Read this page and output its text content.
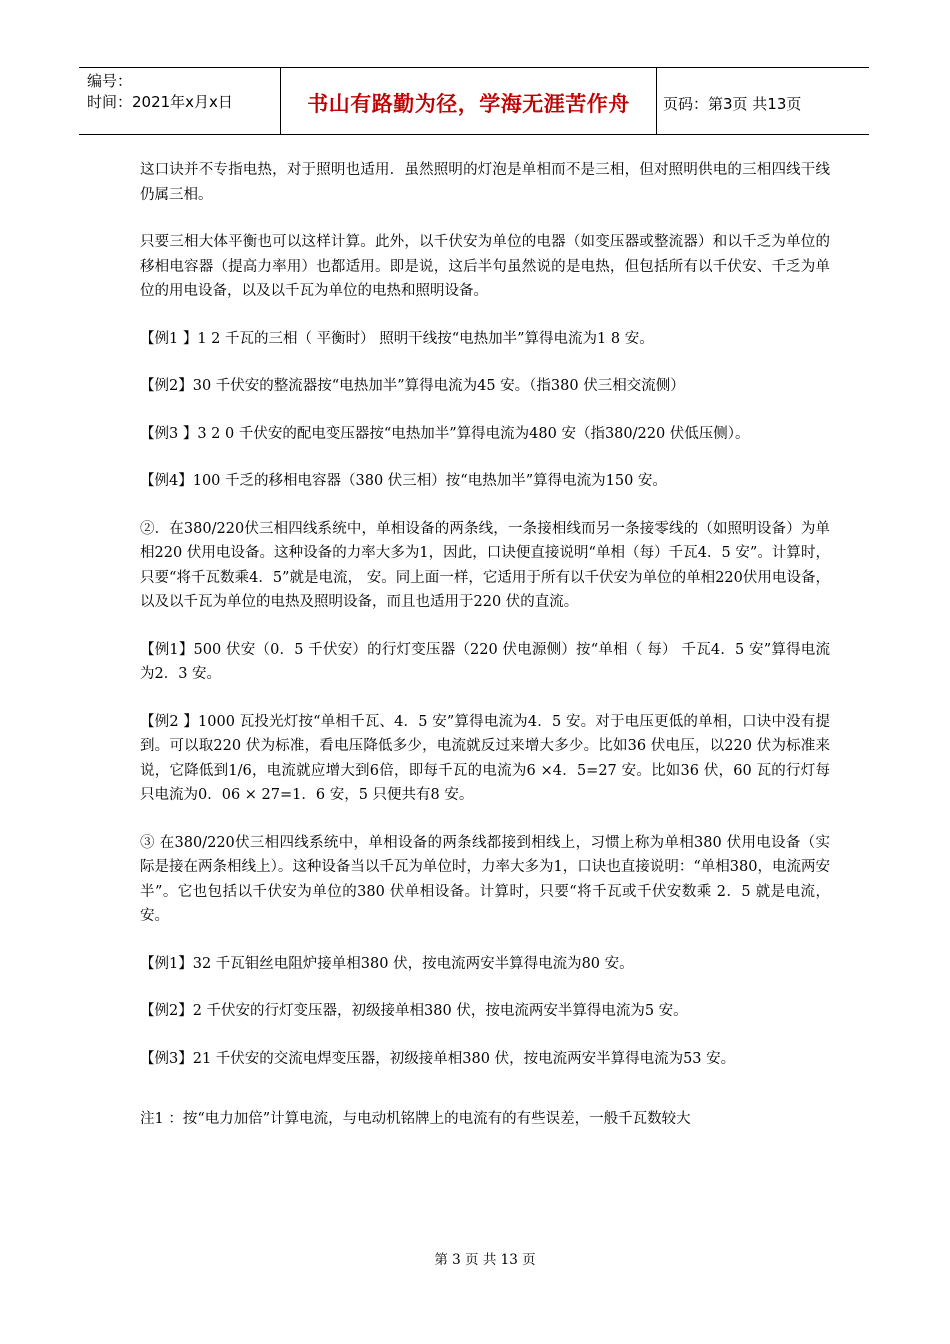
编号：
时间：2021年x月x日	书山有路勤为径，学海无涯苦作舟 页码：第3页 共13页

这口诀并不专指电热，对于照明也适用．虽然照明的灯泡是单相而不是三相，但对照明供电的三相四线干线仍属三相。

只要三相大体平衡也可以这样计算。此外，以千伏安为单位的电器（如变压器或整流器）和以千乏为单位的移相电容器（提高力率用）也都适用。即是说，这后半句虽然说的是电热，但包括所有以千伏安、千乏为单位的用电设备，以及以千瓦为单位的电热和照明设备。

【例1 】1 2 千瓦的三相（ 平衡时） 照明干线按“电热加半”算得电流为1 8 安。

【例2】30 千伏安的整流器按“电热加半”算得电流为45 安。（指380 伏三相交流侧）

【例3 】3 2 0 千伏安的配电变压器按“电热加半”算得电流为480 安（指380/220 伏低压侧）。

【例4】100 千乏的移相电容器（380 伏三相）按“电热加半”算得电流为150 安。

②．在380/220伏三相四线系统中，单相设备的两条线，一条接相线而另一条接零线的（如照明设备）为单相220 伏用电设备。这种设备的力率大多为1，因此，口诀便直接说明“单相（每）千瓦4．5 安”。计算时， 只要“将千瓦数乘4．5”就是电流， 安。同上面一样，它适用于所有以千伏安为单位的单相220伏用电设备，以及以千瓦为单位的电热及照明设备，而且也适用于220 伏的直流。

【例1】500 伏安（0．5 千伏安）的行灯变压器（220 伏电源侧）按“单相（ 每） 千瓦4．5 安”算得电流为2．3 安。

【例2 】1000 瓦投光灯按“单相千瓦、4．5 安”算得电流为4．5 安。对于电压更低的单相，口诀中没有提到。可以取220 伏为标准，看电压降低多少，电流就反过来增大多少。比如36 伏电压，以220 伏为标准来说，它降低到1/6，电流就应增大到6倍，即每千瓦的电流为6 ×4．5=27 安。比如36 伏，60 瓦的行灯每只电流为0．06 × 27=1．6 安，5 只便共有8 安。

③ 在380/220伏三相四线系统中，单相设备的两条线都接到相线上，习惯上称为单相380 伏用电设备（实际是接在两条相线上）。这种设备当以千瓦为单位时，力率大多为1，口诀也直接说明：“单相380，电流两安半”。它也包括以千伏安为单位的380 伏单相设备。计算时，只要“将千瓦或千伏安数乘 2．5 就是电流，安。

【例1】32 千瓦钼丝电阻炉接单相380 伏，按电流两安半算得电流为80 安。

【例2】2 千伏安的行灯变压器，初级接单相380 伏，按电流两安半算得电流为5 安。

【例3】21 千伏安的交流电焊变压器，初级接单相380 伏，按电流两安半算得电流为53 安。

注1 ：按“电力加倍”计算电流，与电动机铭牌上的电流有的有些误差，一般千瓦数较大

第 3 页 共 13 页
